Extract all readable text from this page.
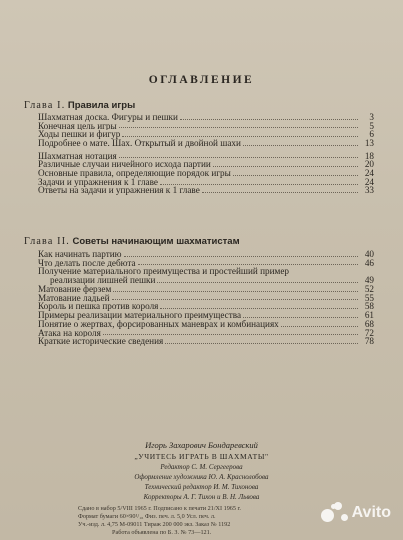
ОГЛАВЛЕНИЕ
Глава I. Правила игры
Шахматная доска. Фигуры и пешки	3
Конечная цель игры	5
Ходы пешки и фигур	6
Подробнее о мате. Шах. Открытый и двойной шахи	13
Шахматная нотация	18
Различные случаи ничейного исхода партии	20
Основные правила, определяющие порядок игры	24
Задачи и упражнения к 1 главе	24
Ответы на задачи и упражнения к 1 главе	33
Глава II. Советы начинающим шахматистам
Как начинать партию	40
Что делать после дебюта	46
Получение материального преимущества и простейший пример
реализации лишней пешки	49
Матование ферзем	52
Матование ладьей	55
Король и пешка против короля	58
Примеры реализации материального преимущества	61
Понятие о жертвах, форсированных маневрах и комбинациях	68
Атака на короля	72
Краткие исторические сведения	78
Игорь Захарович Бондаревский
„УЧИТЕСЬ ИГРАТЬ В ШАХМАТЫ"
Редактор С. М. Сергеерова
Оформление художника Ю. А. Краснолобова
Технический редактор И. М. Тихонова
Корректоры А. Г. Тихон и В. Н. Львова
Сдано в набор 5/VIII 1965 г. Подписано к печати 21/XI 1965 г.
Формат бумаги 60×90¹/₁₆ Физ. печ. л. 5,0 Усл. печ. л.
Уч.-изд. л. 4,75 М-09011 Тираж 200 000 экз. Заказ № 1192
Работа объявлена по Б. З. № 73—121.
Avito
